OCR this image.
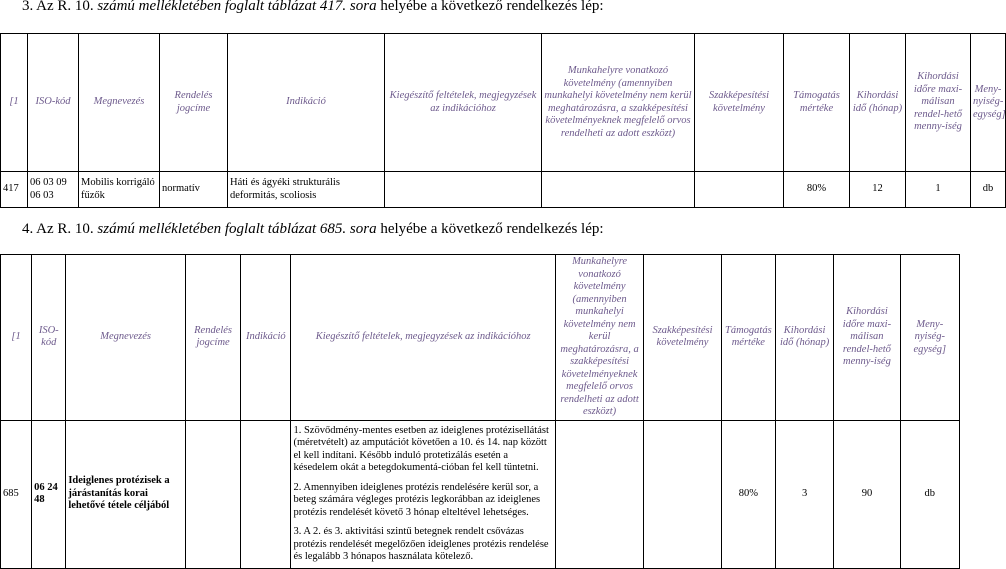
3. Az R. 10. számú mellékletében foglalt táblázat 417. sora helyébe a következő rendelkezés lép:
[1	ISO-kód	Megnevezés	Rendelés jogcíme	Indikáció	Kiegészítő feltételek, megjegyzések az indikációhoz	Munkahelyre vonatkozó követelmény (amennyiben munkahelyi követelmény nem kerül meghatározásra, a szakképesítési követelményeknek megfelelő orvos rendelheti az adott eszközt)	Szakképesítési követelmény	Támogatás mértéke	Kihordási idő (hónap)	Kihordási időre maxi-málisan rendel-hető menny-iség	Meny-nyiség-egység]
417	06 03 09 06 03	Mobilis korrigáló fűzők	normatív	Háti és ágyéki strukturális deformitás, scoliosis				80%	12	1	db
4. Az R. 10. számú mellékletében foglalt táblázat 685. sora helyébe a következő rendelkezés lép:
[1	ISO-kód	Megnevezés	Rendelés jogcíme	Indikáció	Kiegészítő feltételek, megjegyzések az indikációhoz	Munkahelyre vonatkozó követelmény (amennyiben munkahelyi követelmény nem kerül meghatározásra, a szakképesítési követelményeknek megfelelő orvos rendelheti az adott eszközt)	Szakképesítési követelmény	Támogatás mértéke	Kihordási idő (hónap)	Kihordási időre maxi-málisan rendel-hető menny-iség	Meny-nyiség-egység]
685	06 24 48	Ideiglenes protézisek a járástanítás korai lehetővé tétele céljából			1. Szövődmény-mentes esetben az ideiglenes protézisellátást (méretvételt) az amputációt követően a 10. és 14. nap között el kell indítani. Később induló protetizálás esetén a késedelem okát a betegdokumentá-cióban fel kell tüntetni.

2. Amennyiben ideiglenes protézis rendelésére kerül sor, a beteg számára végleges protézis legkorábban az ideiglenes protézis rendelését követő 3 hónap elteltével lehetséges.

3. A 2. és 3. aktivitási szintű betegnek rendelt csővázas protézis rendelését megelőzően ideiglenes protézis rendelése és legalább 3 hónapos használata kötelező.			80%	3	90	db
